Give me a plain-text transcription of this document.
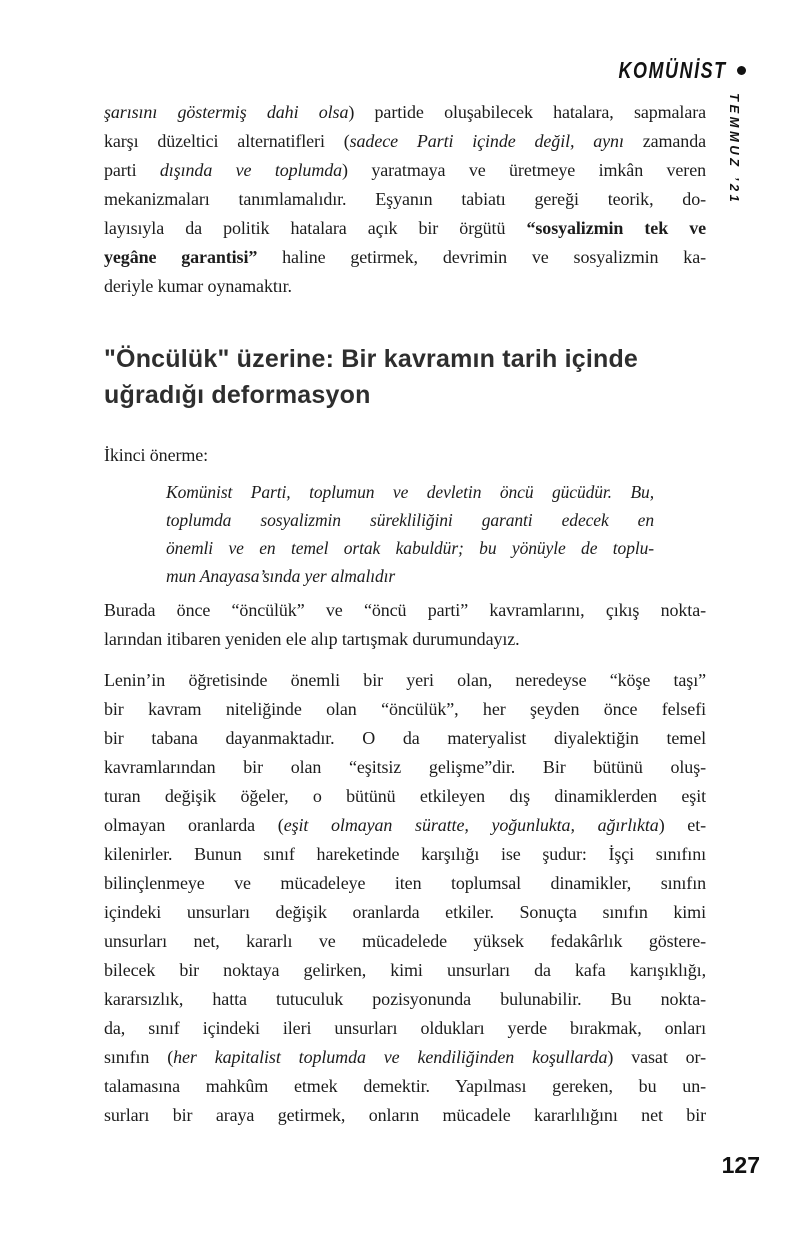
KOMÜNİST
TEMMUZ ’21
şarısını göstermiş dahi olsa) partide oluşabilecek hatalara, sapmalara
karşı düzeltici alternatifleri (sadece Parti içinde değil, aynı zamanda
parti dışında ve toplumda) yaratmaya ve üretmeye imkân veren
mekanizmaları tanımlamalıdır. Eşyanın tabiatı gereği teorik, do-
layısıyla da politik hatalara açık bir örgütü “sosyalizmin tek ve
yegâne garantisi” haline getirmek, devrimin ve sosyalizmin ka-
deriyle kumar oynamaktır.
"Öncülük" üzerine: Bir kavramın tarih içinde
uğradığı deformasyon
İkinci önerme:
Komünist Parti, toplumun ve devletin öncü gücüdür. Bu,
toplumda sosyalizmin sürekliliğini garanti edecek en
önemli ve en temel ortak kabuldür; bu yönüyle de toplu-
mun Anayasa’sında yer almalıdır
Burada önce “öncülük” ve “öncü parti” kavramlarını, çıkış nokta-
larından itibaren yeniden ele alıp tartışmak durumundayız.
Lenin’in öğretisinde önemli bir yeri olan, neredeyse “köşe taşı”
bir kavram niteliğinde olan “öncülük”, her şeyden önce felsefi
bir tabana dayanmaktadır. O da materyalist diyalektiğin temel
kavramlarından bir olan “eşitsiz gelişme”dir. Bir bütünü oluş-
turan değişik öğeler, o bütünü etkileyen dış dinamiklerden eşit
olmayan oranlarda (eşit olmayan süratte, yoğunlukta, ağırlıkta) et-
kilenirler. Bunun sınıf hareketinde karşılığı ise şudur: İşçi sınıfını
bilinçlenmeye ve mücadeleye iten toplumsal dinamikler, sınıfın
içindeki unsurları değişik oranlarda etkiler. Sonuçta sınıfın kimi
unsurları net, kararlı ve mücadelede yüksek fedakârlık göstere-
bilecek bir noktaya gelirken, kimi unsurları da kafa karışıklığı,
kararsızlık, hatta tutuculuk pozisyonunda bulunabilir. Bu nokta-
da, sınıf içindeki ileri unsurları oldukları yerde bırakmak, onları
sınıfın (her kapitalist toplumda ve kendiliğinden koşullarda) vasat or-
talamasına mahkûm etmek demektir. Yapılması gereken, bu un-
surları bir araya getirmek, onların mücadele kararlılığını net bir
127
